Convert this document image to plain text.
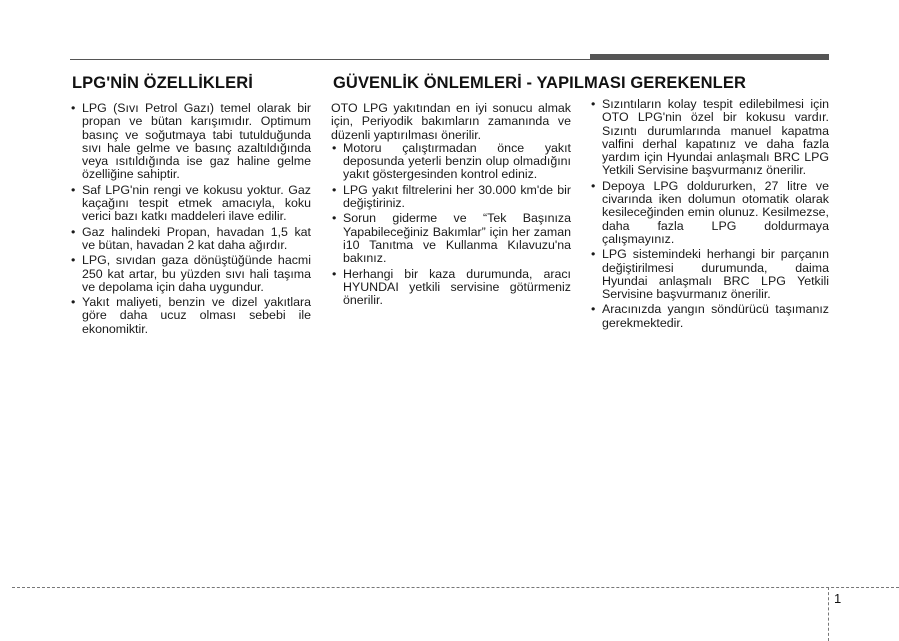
LPG'NİN ÖZELLİKLERİ
• LPG (Sıvı Petrol Gazı) temel olarak bir propan ve bütan karışımıdır. Optimum basınç ve soğutmaya tabi tutulduğunda sıvı hale gelme ve basınç azaltıldığında veya ısıtıldığında ise gaz haline gelme özelliğine sahiptir.
• Saf LPG'nin rengi ve kokusu yoktur. Gaz kaçağını tespit etmek amacıyla, koku verici bazı katkı maddeleri ilave edilir.
• Gaz halindeki Propan, havadan 1,5 kat ve bütan, havadan 2 kat daha ağırdır.
• LPG, sıvıdan gaza dönüştüğünde hacmi 250 kat artar, bu yüzden sıvı hali taşıma ve depolama için daha uygundur.
• Yakıt maliyeti, benzin ve dizel yakıtlara göre daha ucuz olması sebebi ile ekonomiktir.
GÜVENLİK ÖNLEMLERİ - YAPILMASI GEREKENLER

OTO LPG yakıtından en iyi sonucu almak için, Periyodik bakımların zamanında ve düzenli yaptırılması önerilir.

• Motoru çalıştırmadan önce yakıt deposunda yeterli benzin olup olmadığını yakıt göstergesinden kontrol ediniz.
• LPG yakıt filtrelerini her 30.000 km'de bir değiştiriniz.
• Sorun giderme ve “Tek Başınıza Yapabileceğiniz Bakımlar” için her zaman i10 Tanıtma ve Kullanma Kılavuzu'na bakınız.
• Herhangi bir kaza durumunda, aracı HYUNDAI yetkili servisine götürmeniz önerilir.
• Sızıntıların kolay tespit edilebilmesi için OTO LPG'nin özel bir kokusu vardır. Sızıntı durumlarında manuel kapatma valfini derhal kapatınız ve daha fazla yardım için Hyundai anlaşmalı BRC LPG Yetkili Servisine başvurmanız önerilir.
• Depoya LPG doldururken, 27 litre ve civarında iken dolumun otomatik olarak kesileceğinden emin olunuz. Kesilmezse, daha fazla LPG doldurmaya çalışmayınız.
• LPG sistemindeki herhangi bir parçanın değiştirilmesi durumunda, daima Hyundai anlaşmalı BRC LPG Yetkili Servisine başvurmanız önerilir.
• Aracınızda yangın söndürücü taşımanız gerekmektedir.
1
